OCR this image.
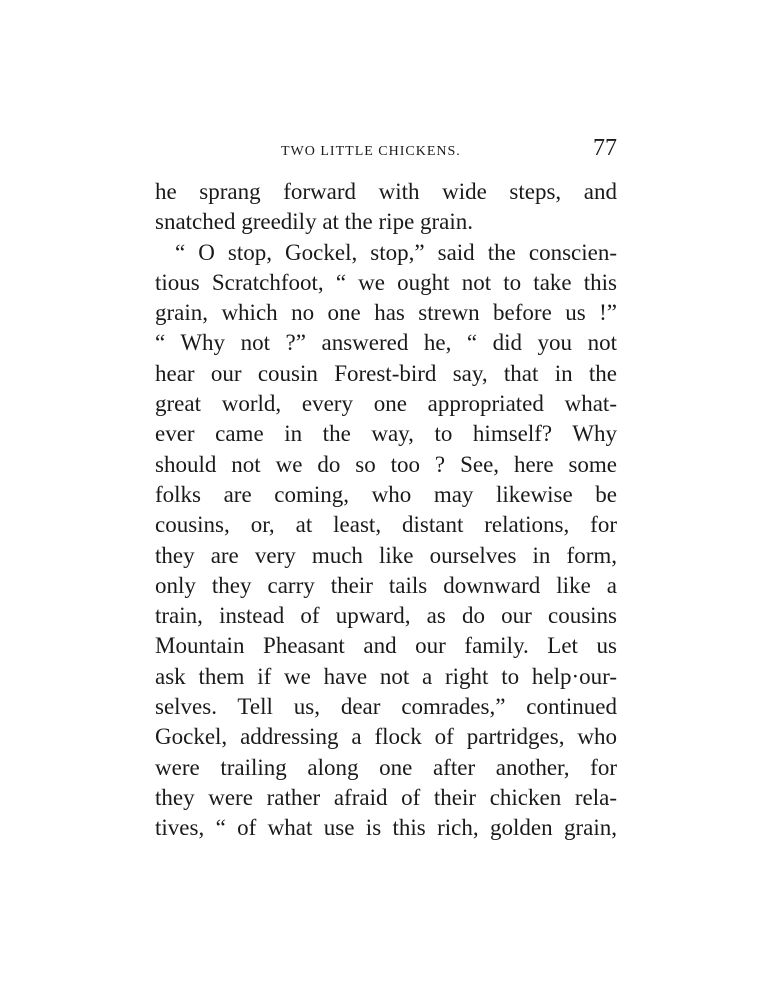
TWO LITTLE CHICKENS.	77
he sprang forward with wide steps, and
snatched greedily at the ripe grain.
“ O stop, Gockel, stop,” said the conscien-
tious Scratchfoot, “ we ought not to take this
grain, which no one has strewn before us !”
“ Why not ?” answered he, “ did you not
hear our cousin Forest-bird say, that in the
great world, every one appropriated what-
ever came in the way, to himself? Why
should not we do so too ? See, here some
folks are coming, who may likewise be
cousins, or, at least, distant relations, for
they are very much like ourselves in form,
only they carry their tails downward like a
train, instead of upward, as do our cousins
Mountain Pheasant and our family. Let us
ask them if we have not a right to help·our-
selves. Tell us, dear comrades,” continued
Gockel, addressing a flock of partridges, who
were trailing along one after another, for
they were rather afraid of their chicken rela-
tives, “ of what use is this rich, golden grain,
